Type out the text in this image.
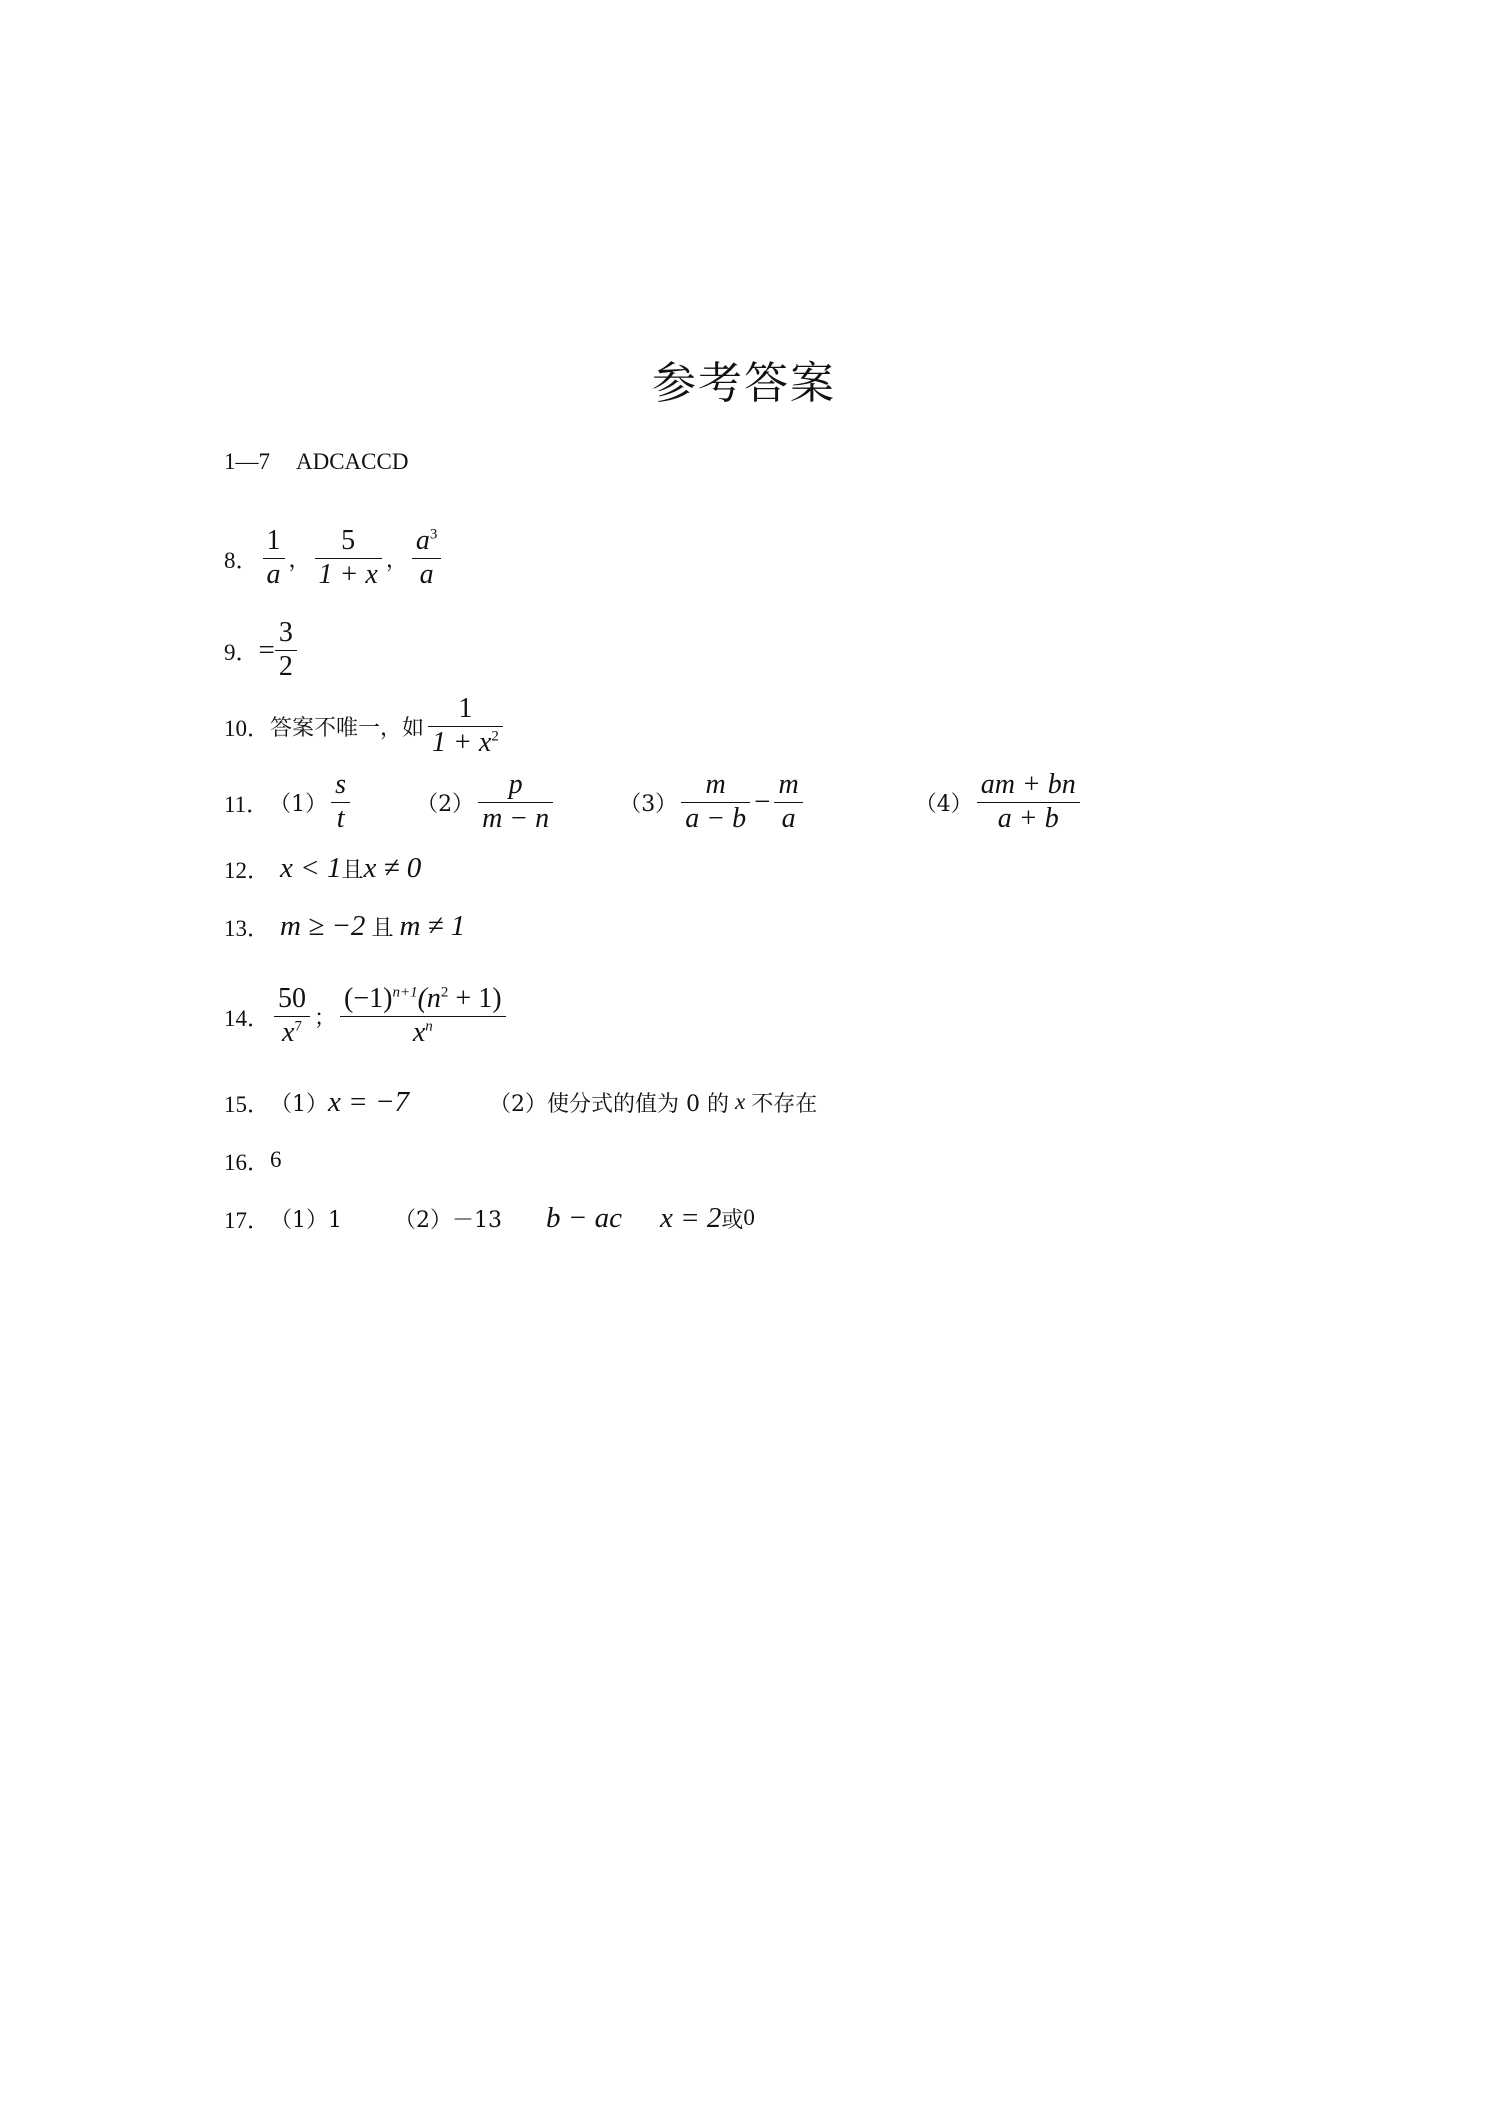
参考答案
1—7 ADCACCD
8． $\frac{1}{a}$ ， $\frac{5}{1 + x}$ ， $\frac{a^3}{a}$
9． = $\frac{3}{2}$
10． 答案不唯一，如 $\frac{1}{1 + x^2}$
11． $(1) \frac{s}{t}$	$(2) \frac{p}{m - n}$	$(3) \frac{m}{a - b} - \frac{m}{a}$	$(4) \frac{am + bn}{a + b}$
12． x < 1 且 x ≠ 0
13． m ≥ −2 且 m ≠ 1
14． $\frac{50}{x^7}$ ； $\frac{(-1)^{n+1}(n^2 + 1)}{x^n}$
15． （1） x = −7	（2）使分式的值为 0 的 x 不存在
16． 6
17． （1）1 （2）－13 b − ac x = 2 或 0
